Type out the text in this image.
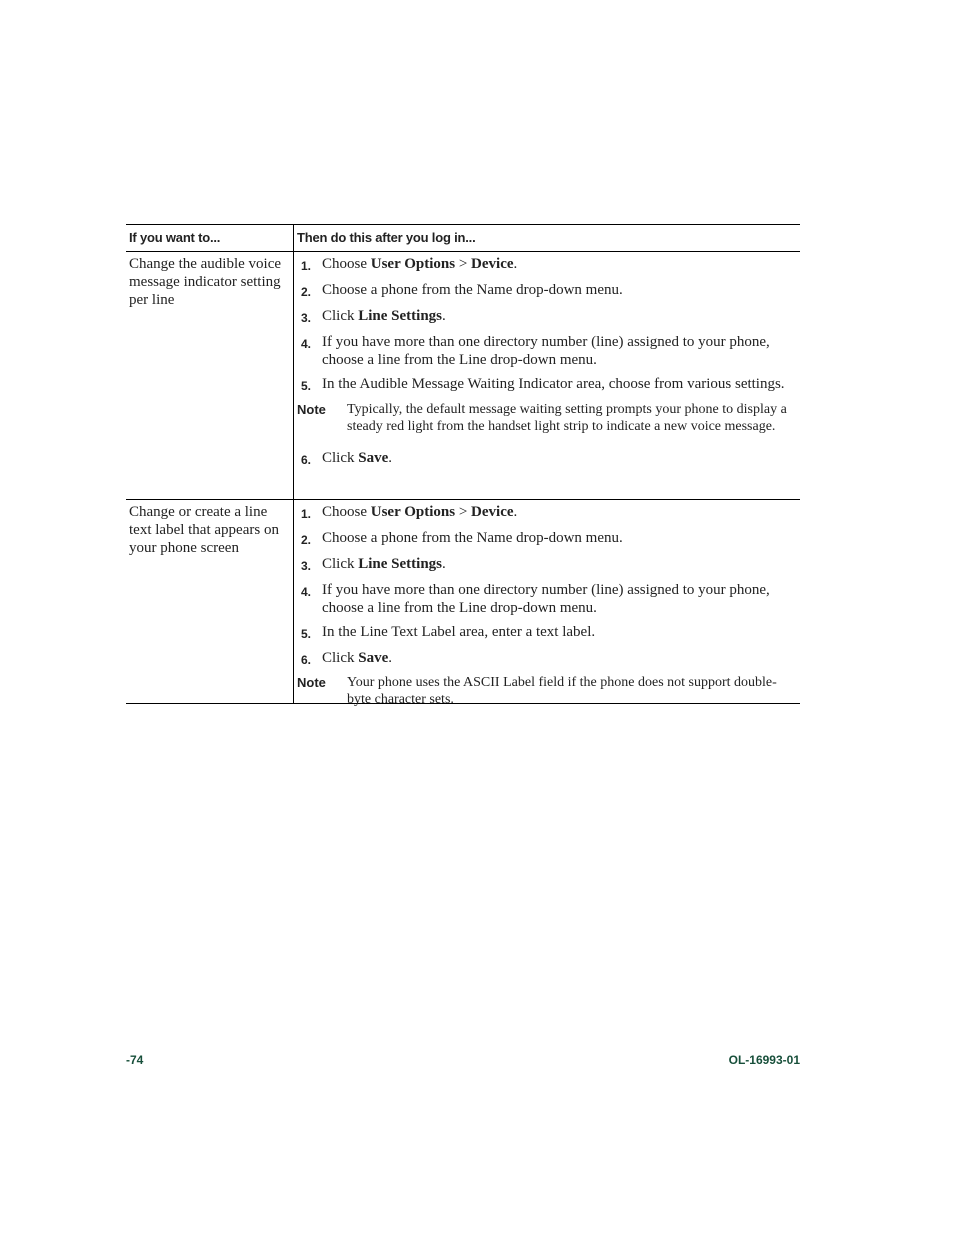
If you want to...	Then do this after you log in...
Change the audible voice message indicator setting per line
1. Choose User Options > Device.
2. Choose a phone from the Name drop-down menu.
3. Click Line Settings.
4. If you have more than one directory number (line) assigned to your phone, choose a line from the Line drop-down menu.
5. In the Audible Message Waiting Indicator area, choose from various settings.
Note	Typically, the default message waiting setting prompts your phone to display a steady red light from the handset light strip to indicate a new voice message.
6. Click Save.
Change or create a line text label that appears on your phone screen
1. Choose User Options > Device.
2. Choose a phone from the Name drop-down menu.
3. Click Line Settings.
4. If you have more than one directory number (line) assigned to your phone, choose a line from the Line drop-down menu.
5. In the Line Text Label area, enter a text label.
6. Click Save.
Note	Your phone uses the ASCII Label field if the phone does not support double-byte character sets.
-74	OL-16993-01
